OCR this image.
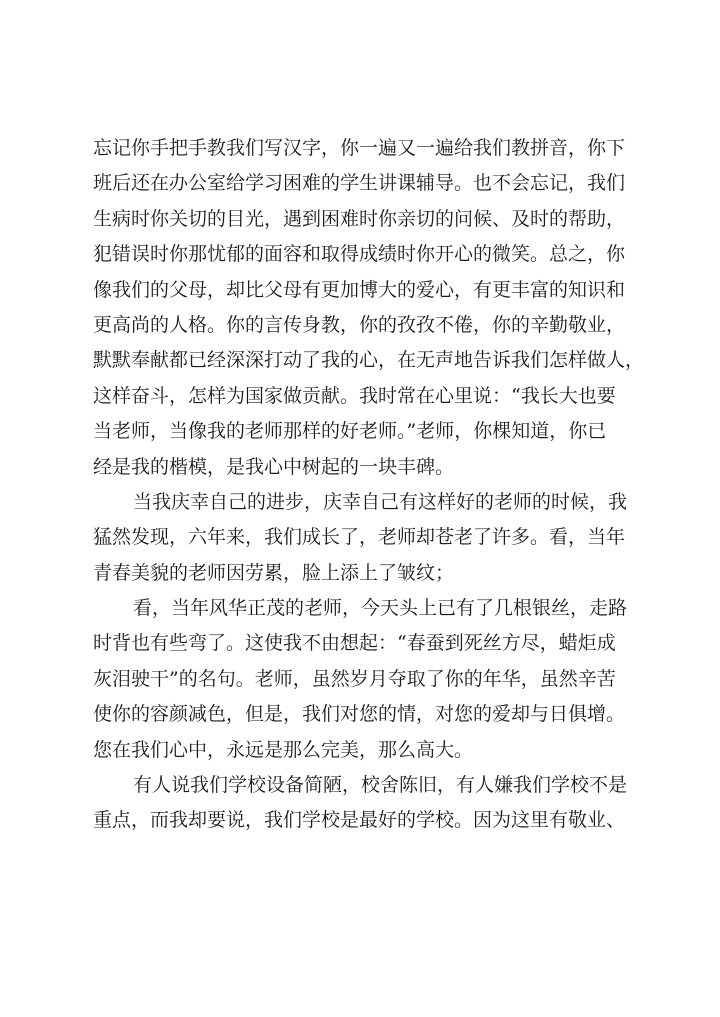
忘记你手把手教我们写汉字，你一遍又一遍给我们教拼音，你下
班后还在办公室给学习困难的学生讲课辅导。也不会忘记，我们
生病时你关切的目光，遇到困难时你亲切的问候、及时的帮助，
犯错误时你那忧郁的面容和取得成绩时你开心的微笑。总之，你
像我们的父母，却比父母有更加博大的爱心，有更丰富的知识和
更高尚的人格。你的言传身教，你的孜孜不倦，你的辛勤敬业，
默默奉献都已经深深打动了我的心，在无声地告诉我们怎样做人，
这样奋斗，怎样为国家做贡献。我时常在心里说：“我长大也要
当老师，当像我的老师那样的好老师。”老师，你棵知道，你已
经是我的楷模，是我心中树起的一块丰碑。

当我庆幸自己的进步，庆幸自己有这样好的老师的时候，我
猛然发现，六年来，我们成长了，老师却苍老了许多。看，当年
青春美貌的老师因劳累，脸上添上了皱纹；

看，当年风华正茂的老师，今天头上已有了几根银丝，走路
时背也有些弯了。这使我不由想起：“春蚕到死丝方尽，蜡炬成
灰泪驶干”的名句。老师，虽然岁月夺取了你的年华，虽然辛苦
使你的容颜减色，但是，我们对您的情，对您的爱却与日俱增。
您在我们心中，永远是那么完美，那么高大。

有人说我们学校设备简陋，校舍陈旧，有人嫌我们学校不是
重点，而我却要说，我们学校是最好的学校。因为这里有敬业、
